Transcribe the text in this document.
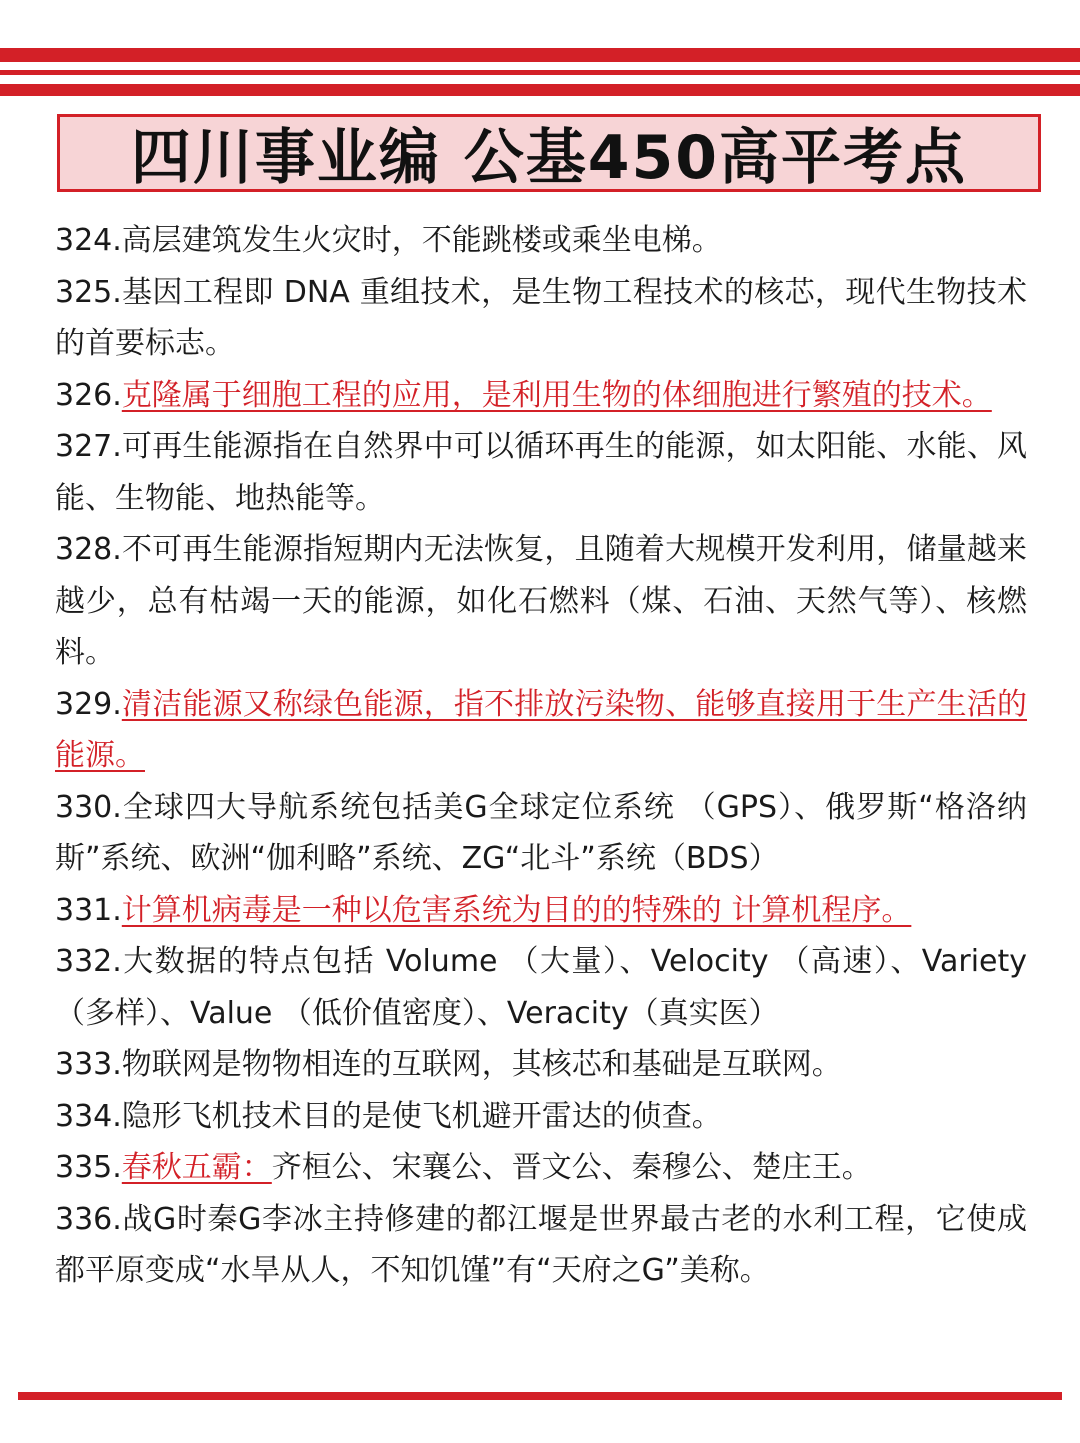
四川事业编 公基450高平考点

324.高层建筑发生火灾时，不能跳楼或乘坐电梯。

325.基因工程即 DNA 重组技术，是生物工程技术的核芯，现代生物技术的首要标志。

326.克隆属于细胞工程的应用，是利用生物的体细胞进行繁殖的技术。

327.可再生能源指在自然界中可以循环再生的能源，如太阳能、水能、风能、生物能、地热能等。

328.不可再生能源指短期内无法恢复，且随着大规模开发利用，储量越来越少，总有枯竭一天的能源，如化石燃料（煤、石油、天然气等）、核燃料。

329.清洁能源又称绿色能源，指不排放污染物、能够直接用于生产生活的能源。

330.全球四大导航系统包括美G全球定位系统 （GPS）、俄罗斯“格洛纳斯”系统、欧洲“伽利略”系统、ZG“北斗”系统（BDS）

331.计算机病毒是一种以危害系统为目的的特殊的 计算机程序。

332.大数据的特点包括 Volume （大量）、Velocity （高速）、Variety （多样）、Value （低价值密度）、Veracity（真实医）

333.物联网是物物相连的互联网，其核芯和基础是互联网。

334.隐形飞机技术目的是使飞机避开雷达的侦查。

335.春秋五霸：齐桓公、宋襄公、晋文公、秦穆公、楚庄王。

336.战G时秦G李冰主持修建的都江堰是世界最古老的水利工程，它使成都平原变成“水旱从人，不知饥馑”有“天府之G”美称。
